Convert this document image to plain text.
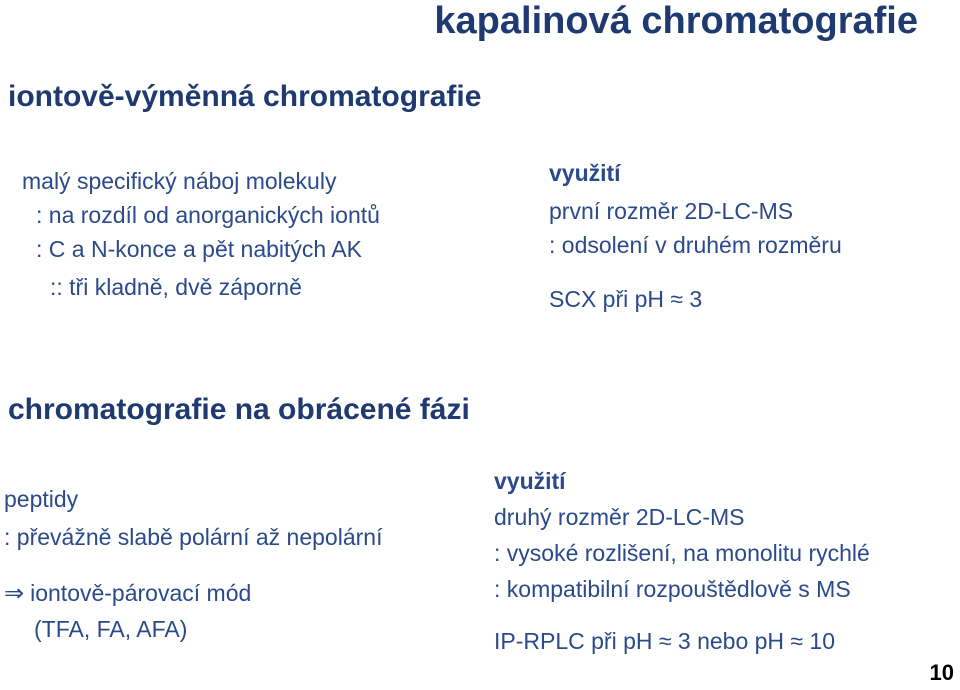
kapalinová chromatografie
iontově-výměnná chromatografie
malý specifický náboj molekuly
: na rozdíl od anorganických iontů
: C a N-konce a pět nabitých AK
:: tři kladně, dvě záporně
využití
první rozměr 2D-LC-MS
: odsolení v druhém rozměru
SCX při pH ≈ 3
chromatografie na obrácené fázi
peptidy
: převážně slabě polární až nepolární
⇒ iontově-párovací mód
(TFA, FA, AFA)
využití
druhý rozměr 2D-LC-MS
: vysoké rozlišení, na monolitu rychlé
: kompatibilní rozpouštědlově s MS
IP-RPLC při pH ≈ 3 nebo pH ≈ 10
10
